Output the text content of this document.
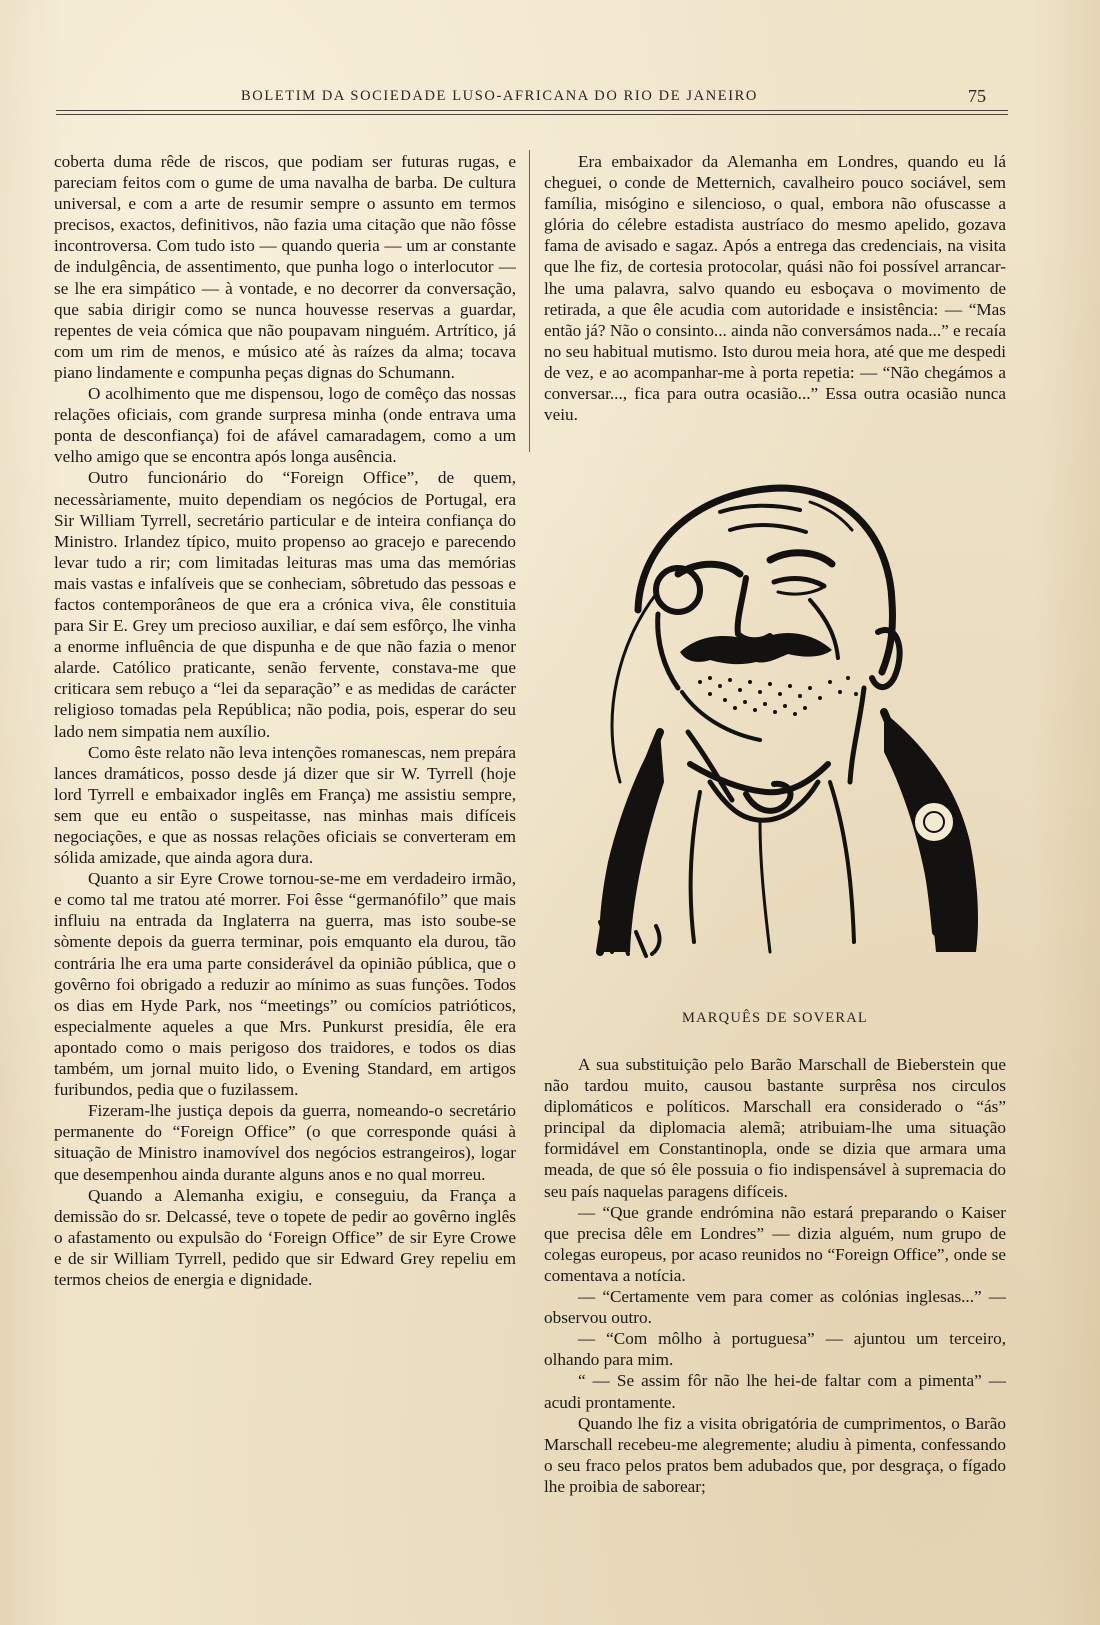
BOLETIM DA SOCIEDADE LUSO-AFRICANA DO RIO DE JANEIRO	75

coberta duma rêde de riscos, que podiam ser futuras rugas, e pareciam feitos com o gume de uma navalha de barba. De cultura universal, e com a arte de resumir sempre o assunto em termos precisos, exactos, definitivos, não fazia uma citação que não fôsse incontroversa. Com tudo isto — quando queria — um ar constante de indulgência, de assentimento, que punha logo o interlocutor — se lhe era simpático — à vontade, e no decorrer da conversação, que sabia dirigir como se nunca houvesse reservas a guardar, repentes de veia cómica que não poupavam ninguém. Artrítico, já com um rim de menos, e músico até às raízes da alma; tocava piano lindamente e compunha peças dignas do Schumann.

O acolhimento que me dispensou, logo de comêço das nossas relações oficiais, com grande surpresa minha (onde entrava uma ponta de desconfiança) foi de afável camaradagem, como a um velho amigo que se encontra após longa ausência.

Outro funcionário do “Foreign Office”, de quem, necessàriamente, muito dependiam os negócios de Portugal, era Sir William Tyrrell, secretário particular e de inteira confiança do Ministro. Irlandez típico, muito propenso ao gracejo e parecendo levar tudo a rir; com limitadas leituras mas uma das memórias mais vastas e infalíveis que se conheciam, sôbretudo das pessoas e factos contemporâneos de que era a crónica viva, êle constituia para Sir E. Grey um precioso auxiliar, e daí sem esfôrço, lhe vinha a enorme influência de que dispunha e de que não fazia o menor alarde. Católico praticante, senão fervente, constava-me que criticara sem rebuço a “lei da separação” e as medidas de carácter religioso tomadas pela República; não podia, pois, esperar do seu lado nem simpatia nem auxílio.

Como êste relato não leva intenções romanescas, nem prepára lances dramáticos, posso desde já dizer que sir W. Tyrrell (hoje lord Tyrrell e embaixador inglês em França) me assistiu sempre, sem que eu então o suspeitasse, nas minhas mais difíceis negociações, e que as nossas relações oficiais se converteram em sólida amizade, que ainda agora dura.

Quanto a sir Eyre Crowe tornou-se-me em verdadeiro irmão, e como tal me tratou até morrer. Foi êsse “germanófilo” que mais influiu na entrada da Inglaterra na guerra, mas isto soube-se sòmente depois da guerra terminar, pois emquanto ela durou, tão contrária lhe era uma parte considerável da opinião pública, que o govêrno foi obrigado a reduzir ao mínimo as suas funções. Todos os dias em Hyde Park, nos “meetings” ou comícios patrióticos, especialmente aqueles a que Mrs. Punkurst presidía, êle era apontado como o mais perigoso dos traidores, e todos os dias também, um jornal muito lido, o Evening Standard, em artigos furibundos, pedia que o fuzilassem.

Fizeram-lhe justiça depois da guerra, nomeando-o secretário permanente do “Foreign Office” (o que corresponde quási à situação de Ministro inamovível dos negócios estrangeiros), logar que desempenhou ainda durante alguns anos e no qual morreu.

Quando a Alemanha exigiu, e conseguiu, da França a demissão do sr. Delcassé, teve o topete de pedir ao govêrno inglês o afastamento ou expulsão do ‘Foreign Office” de sir Eyre Crowe e de sir William Tyrrell, pedido que sir Edward Grey repeliu em termos cheios de energia e dignidade.

Era embaixador da Alemanha em Londres, quando eu lá cheguei, o conde de Metternich, cavalheiro pouco sociável, sem família, misógino e silencioso, o qual, embora não ofuscasse a glória do célebre estadista austríaco do mesmo apelido, gozava fama de avisado e sagaz. Após a entrega das credenciais, na visita que lhe fiz, de cortesia protocolar, quási não foi possível arrancar-lhe uma palavra, salvo quando eu esboçava o movimento de retirada, a que êle acudia com autoridade e insistência: — “Mas então já? Não o consinto... ainda não conversámos nada...” e recaía no seu habitual mutismo. Isto durou meia hora, até que me despedi de vez, e ao acompanhar-me à porta repetia: — “Não chegámos a conversar..., fica para outra ocasião...” Essa outra ocasião nunca veiu.

MARQUÊS DE SOVERAL

A sua substituição pelo Barão Marschall de Bieberstein que não tardou muito, causou bastante surprêsa nos circulos diplomáticos e políticos. Marschall era considerado o “ás” principal da diplomacia alemã; atribuiam-lhe uma situação formidável em Constantinopla, onde se dizia que armara uma meada, de que só êle possuia o fio indispensável à supremacia do seu país naquelas paragens difíceis.

— “Que grande endrómina não estará preparando o Kaiser que precisa dêle em Londres” — dizia alguém, num grupo de colegas europeus, por acaso reunidos no “Foreign Office”, onde se comentava a notícia.

— “Certamente vem para comer as colónias inglesas...” — observou outro.

— “Com môlho à portuguesa” — ajuntou um terceiro, olhando para mim.

“ — Se assim fôr não lhe hei-de faltar com a pimenta” — acudi prontamente.

Quando lhe fiz a visita obrigatória de cumprimentos, o Barão Marschall recebeu-me alegremente; aludiu à pimenta, confessando o seu fraco pelos pratos bem adubados que, por desgraça, o fígado lhe proibia de saborear;
